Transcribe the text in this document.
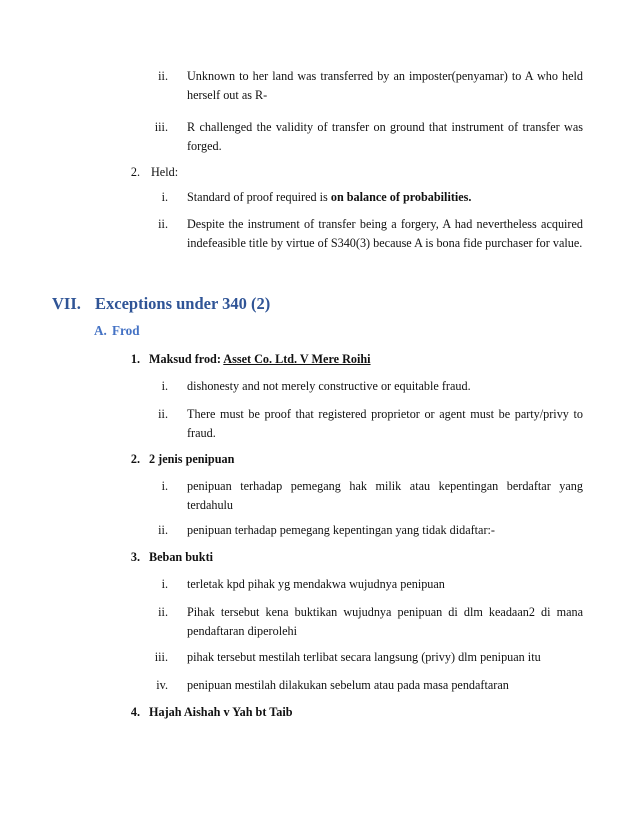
ii. Unknown to her land was transferred by an imposter(penyamar) to A who held herself out as R-
iii. R challenged the validity of transfer on ground that instrument of transfer was forged.
2. Held:
i. Standard of proof required is on balance of probabilities.
ii. Despite the instrument of transfer being a forgery, A had nevertheless acquired indefeasible title by virtue of S340(3) because A is bona fide purchaser for value.
VII. Exceptions under 340 (2)
A. Frod
1. Maksud frod: Asset Co. Ltd. V Mere Roihi
i. dishonesty and not merely constructive or equitable fraud.
ii. There must be proof that registered proprietor or agent must be party/privy to fraud.
2. 2 jenis penipuan
i. penipuan terhadap pemegang hak milik atau kepentingan berdaftar yang terdahulu
ii. penipuan terhadap pemegang kepentingan yang tidak didaftar:-
3. Beban bukti
i. terletak kpd pihak yg mendakwa wujudnya penipuan
ii. Pihak tersebut kena buktikan wujudnya penipuan di dlm keadaan2 di mana pendaftaran diperolehi
iii. pihak tersebut mestilah terlibat secara langsung (privy) dlm penipuan itu
iv. penipuan mestilah dilakukan sebelum atau pada masa pendaftaran
4. Hajah Aishah v Yah bt Taib
